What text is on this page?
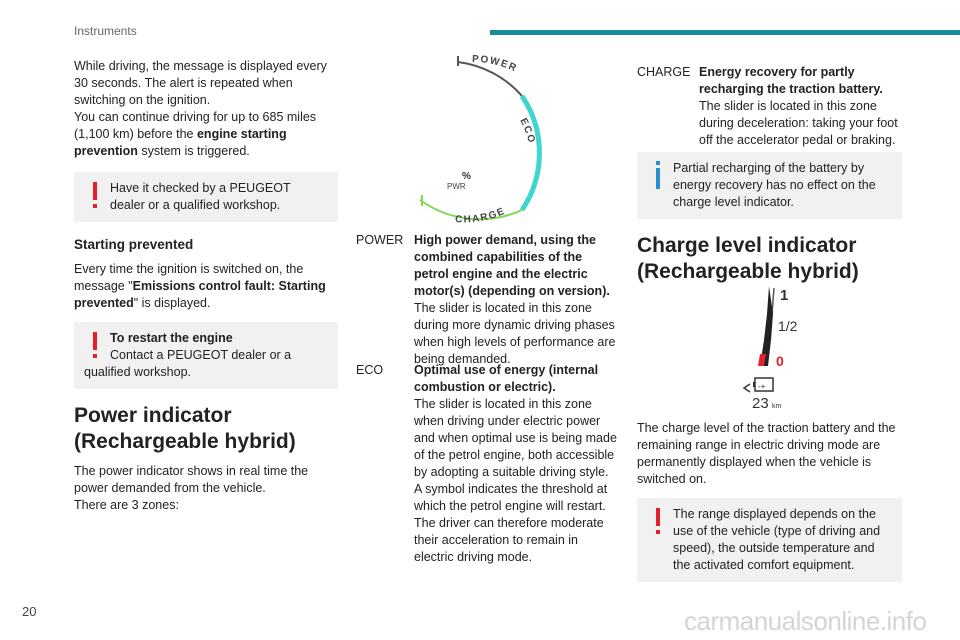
Instruments

While driving, the message is displayed every 30 seconds. The alert is repeated when switching on the ignition.

You can continue driving for up to 685 miles (1,100 km) before the engine starting prevention system is triggered.

Have it checked by a PEUGEOT dealer or a qualified workshop.
Starting prevented

Every time the ignition is switched on, the message "Emissions control fault: Starting prevented" is displayed.

To restart the engine
Contact a PEUGEOT dealer or a
qualified workshop.
Power indicator (Rechargeable hybrid)

The power indicator shows in real time the power demanded from the vehicle.

There are 3 zones:

POWER
ECO
CHARGE
%
PWR
POWER High power demand, using the combined capabilities of the petrol engine and the electric motor(s) (depending on version).
The slider is located in this zone during more dynamic driving phases when high levels of performance are being demanded.
ECO Optimal use of energy (internal combustion or electric).
The slider is located in this zone when driving under electric power and when optimal use is being made of the petrol engine, both accessible by adopting a suitable driving style. A symbol indicates the threshold at which the petrol engine will restart. The driver can therefore moderate their acceleration to remain in electric driving mode.
CHARGE Energy recovery for partly recharging the traction battery.
The slider is located in this zone during deceleration: taking your foot off the accelerator pedal or braking.
Partial recharging of the battery by energy recovery has no effect on the charge level indicator.
Charge level indicator (Rechargeable hybrid)
1
1/2
0
-+
23 km

The charge level of the traction battery and the remaining range in electric driving mode are permanently displayed when the vehicle is switched on.

The range displayed depends on the use of the vehicle (type of driving and speed), the outside temperature and the activated comfort equipment.
20	carmanualsonline.info
